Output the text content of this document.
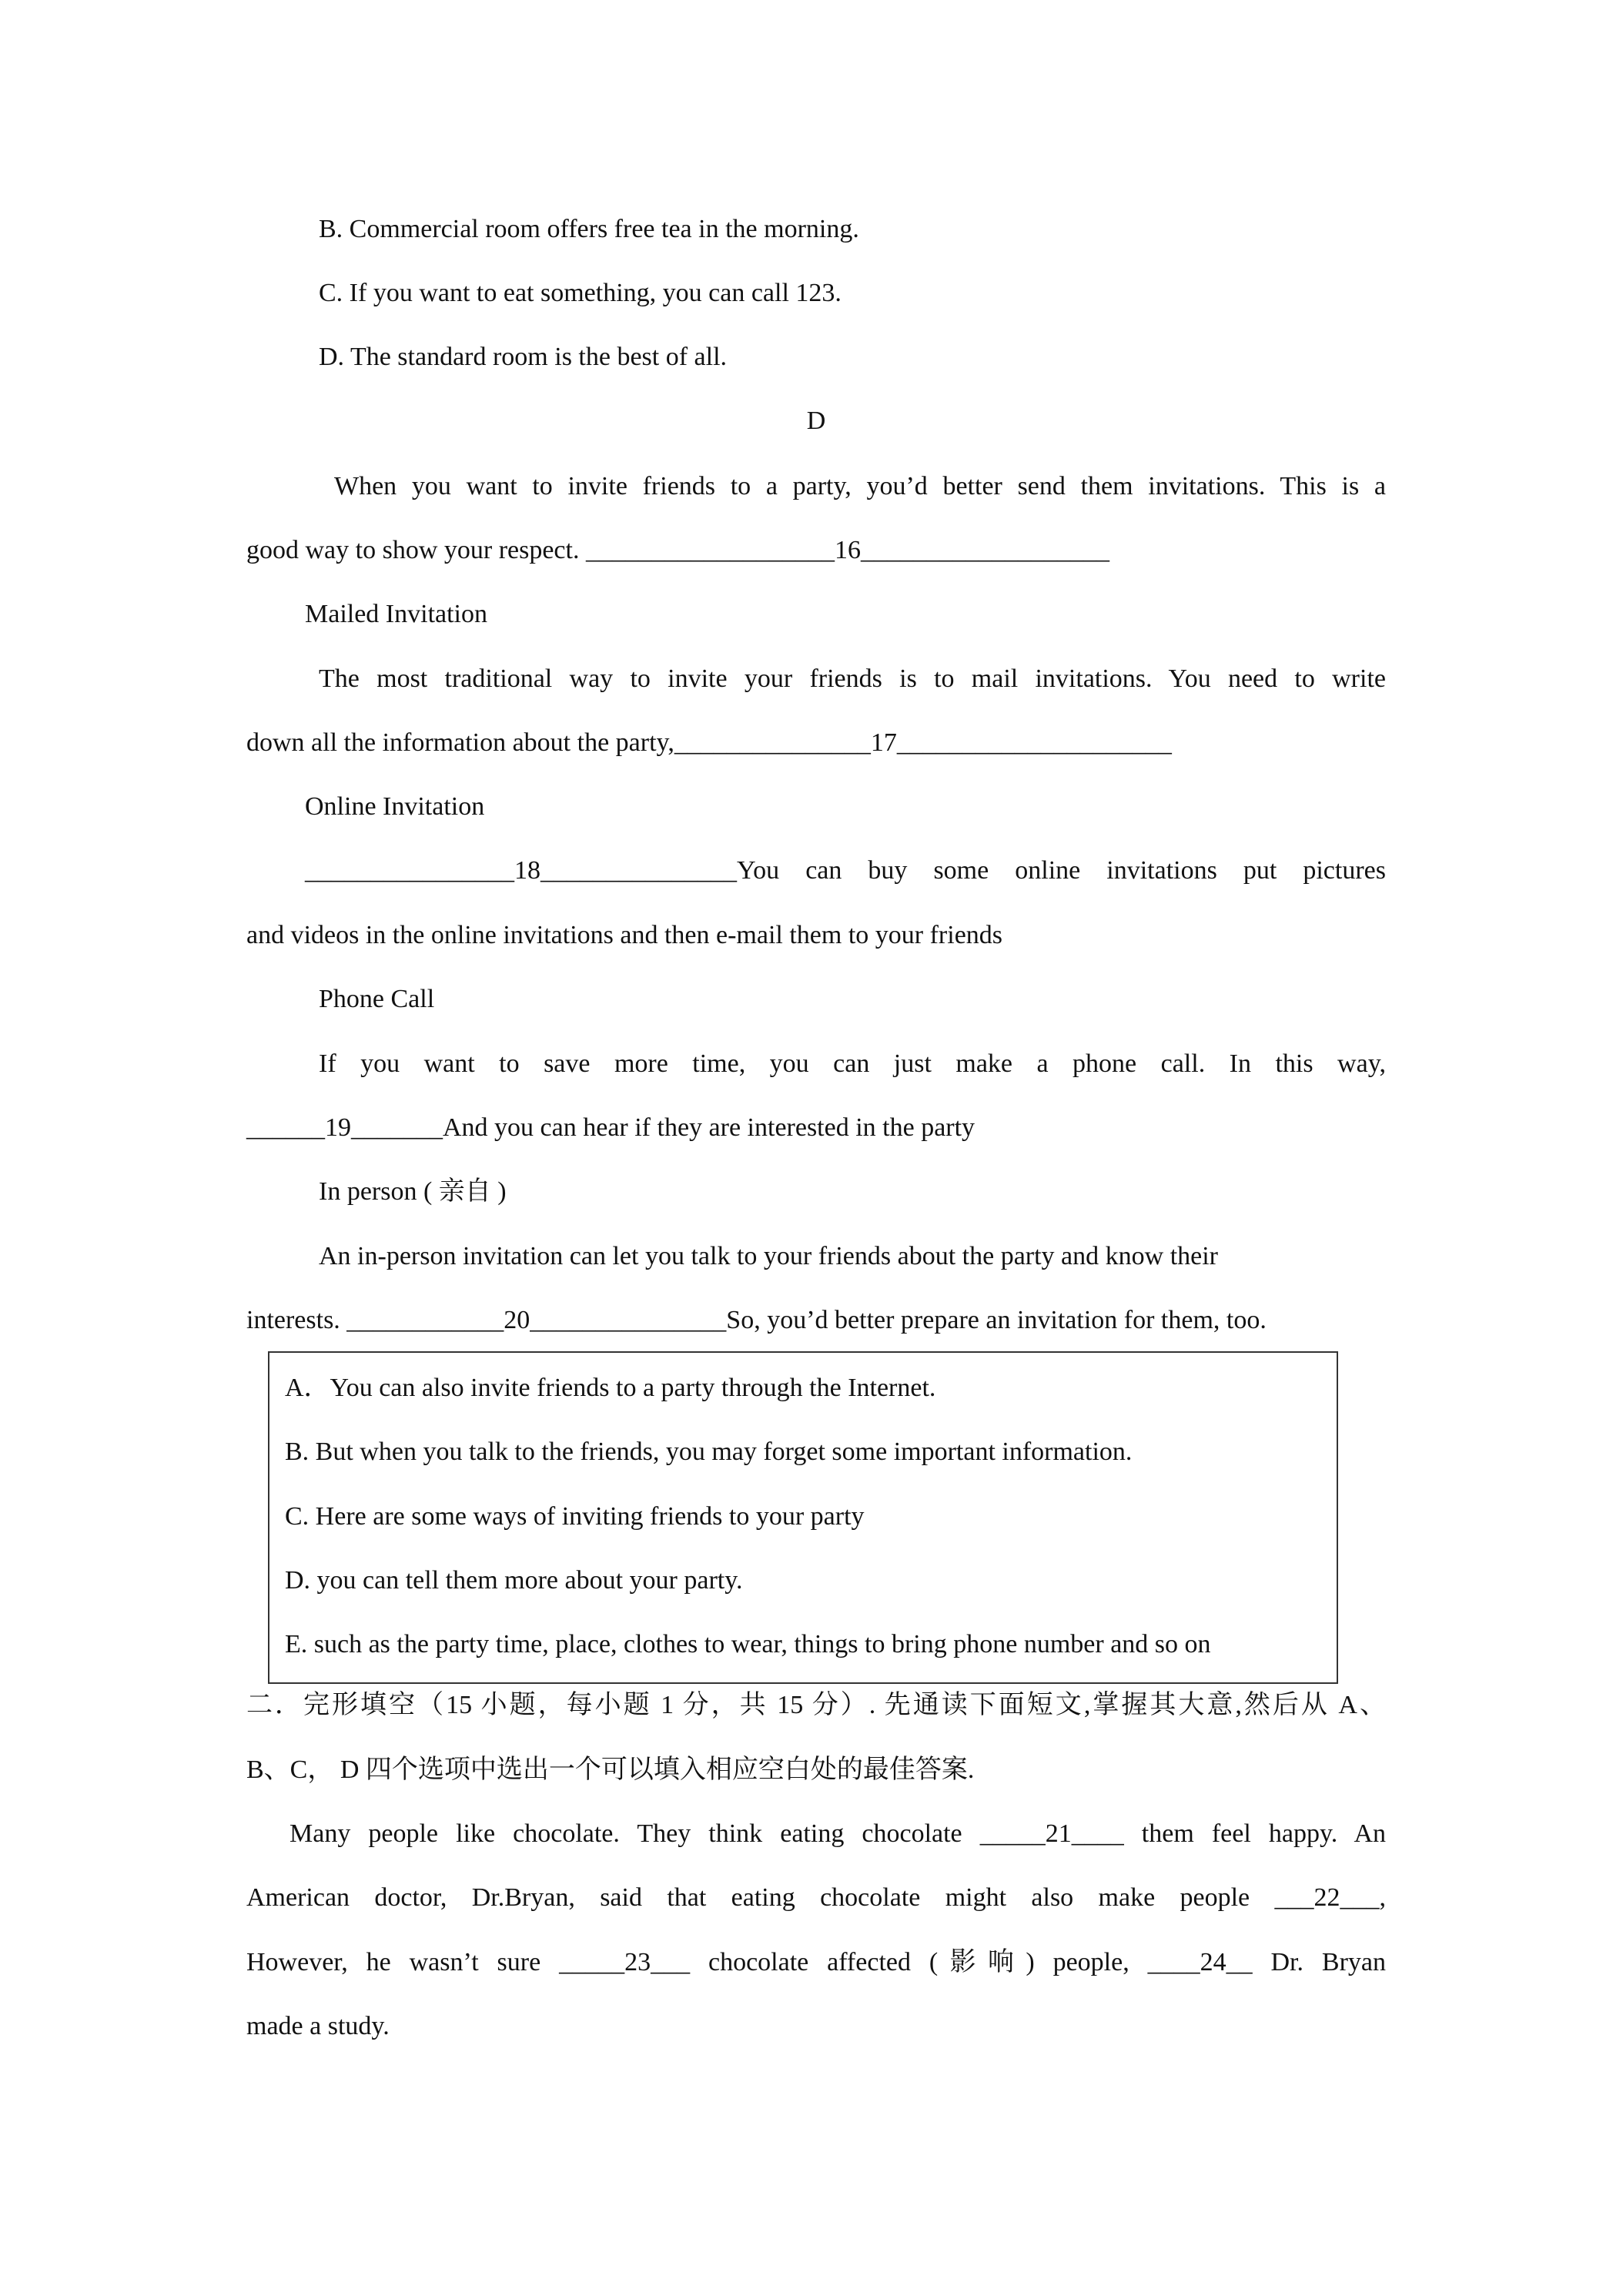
B. Commercial room offers free tea in the morning.
C. If you want to eat something, you can call 123.
D. The standard room is the best of all.
D
When you want to invite friends to a party, you’d better send them invitations. This is a
good way to show your respect. ___________________16___________________
Mailed Invitation
The most traditional way to invite your friends is to mail invitations. You need to write
down all the information about the party,_______________17_____________________
Online Invitation
________________18_______________You can buy some online invitations put pictures
and videos in the online invitations and then e-mail them to your friends
Phone Call
If you want to save more time, you can just make a phone call. In this way,
______19_______And you can hear if they are interested in the party
In person ( 亲自 )
An in-person invitation can let you talk to your friends about the party and know their
interests. ____________20_______________So, you’d better prepare an invitation for them, too.
A．You can also invite friends to a party through the Internet.
B. But when you talk to the friends, you may forget some important information.
C. Here are some ways of inviting friends to your party
D. you can tell them more about your party.
E. such as the party time, place, clothes to wear, things to bring phone number and so on
二．完形填空（15 小题，每小题 1 分，共 15 分）. 先通读下面短文,掌握其大意,然后从 A、
B、C， D 四个选项中选出一个可以填入相应空白处的最佳答案.
Many people like chocolate. They think eating chocolate _____21____ them feel happy. An
American doctor, Dr.Bryan, said that eating chocolate might also make people ___22___,
However, he wasn’t sure _____23___ chocolate affected (影响) people, ____24__ Dr. Bryan
made a study.
